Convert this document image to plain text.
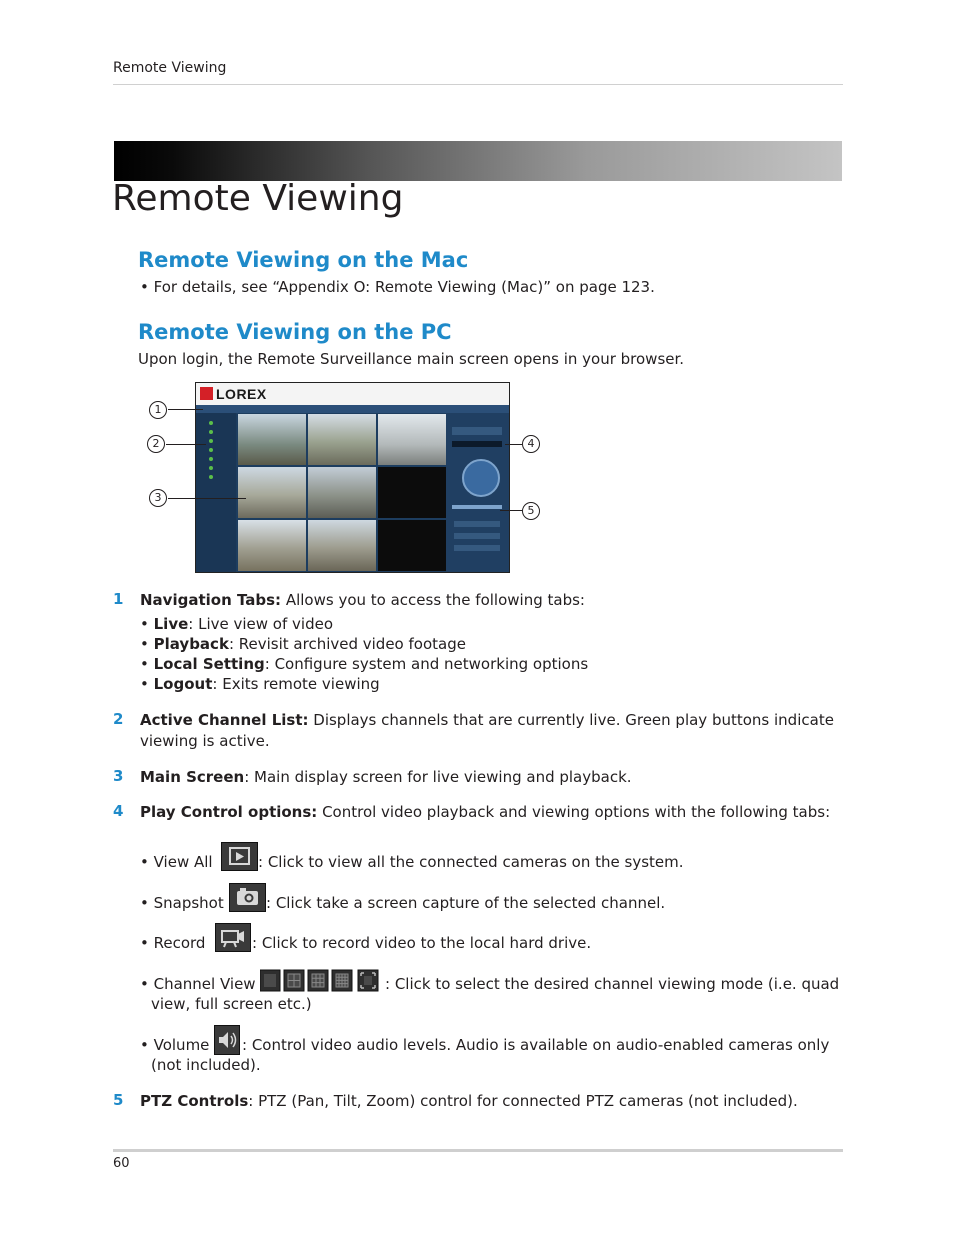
Remote Viewing
Remote Viewing
Remote Viewing on the Mac
• For details, see “Appendix O: Remote Viewing (Mac)” on page 123.
Remote Viewing on the PC
Upon login, the Remote Surveillance main screen opens in your browser.
LOREX
1
2
3
4
5
1 Navigation Tabs: Allows you to access the following tabs:
• Live: Live view of video
• Playback: Revisit archived video footage
• Local Setting: Configure system and networking options
• Logout: Exits remote viewing
2 Active Channel List: Displays channels that are currently live. Green play buttons indicate
viewing is active.
3 Main Screen: Main display screen for live viewing and playback.
4 Play Control options: Control video playback and viewing options with the following tabs:
• View All	: Click to view all the connected cameras on the system.
• Snapshot	: Click take a screen capture of the selected channel.
• Record	: Click to record video to the local hard drive.
• Channel View	: Click to select the desired channel viewing mode (i.e. quad
view, full screen etc.)
• Volume : Control video audio levels. Audio is available on audio-enabled cameras only
(not included).
5 PTZ Controls: PTZ (Pan, Tilt, Zoom) control for connected PTZ cameras (not included).
60
